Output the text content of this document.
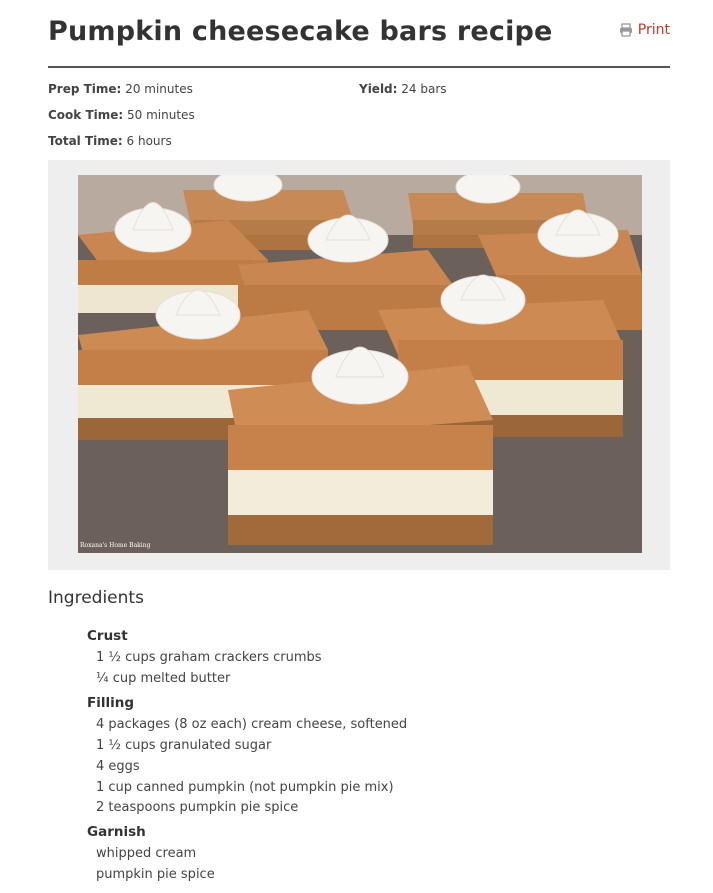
Pumpkin cheesecake bars recipe	Print
Prep Time: 20 minutes	Yield: 24 bars
Cook Time: 50 minutes
Total Time: 6 hours
Roxana's Home Baking
Ingredients
Crust
1 ½ cups graham crackers crumbs
¼ cup melted butter
Filling
4 packages (8 oz each) cream cheese, softened
1 ½ cups granulated sugar
4 eggs
1 cup canned pumpkin (not pumpkin pie mix)
2 teaspoons pumpkin pie spice
Garnish
whipped cream
pumpkin pie spice
